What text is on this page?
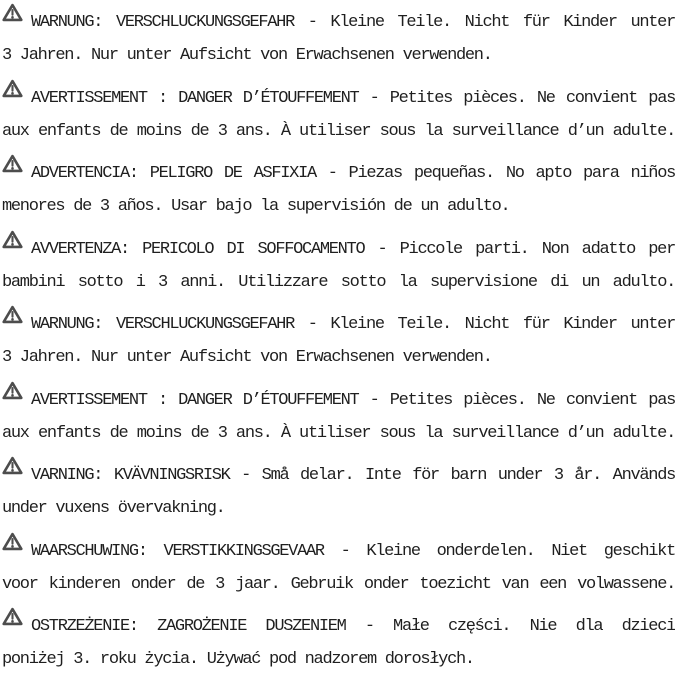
WARNUNG: VERSCHLUCKUNGSGEFAHR - Kleine Teile. Nicht für Kinder unter
3 Jahren. Nur unter Aufsicht von Erwachsenen verwenden.
AVERTISSEMENT : DANGER D’ÉTOUFFEMENT - Petites pièces. Ne convient pas
aux enfants de moins de 3 ans. À utiliser sous la surveillance d’un adulte.
ADVERTENCIA: PELIGRO DE ASFIXIA - Piezas pequeñas. No apto para niños
menores de 3 años. Usar bajo la supervisión de un adulto.
AVVERTENZA: PERICOLO DI SOFFOCAMENTO - Piccole parti. Non adatto per
bambini sotto i 3 anni. Utilizzare sotto la supervisione di un adulto.
WARNUNG: VERSCHLUCKUNGSGEFAHR - Kleine Teile. Nicht für Kinder unter
3 Jahren. Nur unter Aufsicht von Erwachsenen verwenden.
AVERTISSEMENT : DANGER D’ÉTOUFFEMENT - Petites pièces. Ne convient pas
aux enfants de moins de 3 ans. À utiliser sous la surveillance d’un adulte.
VARNING: KVÄVNINGSRISK - Små delar. Inte för barn under 3 år. Används
under vuxens övervakning.
WAARSCHUWING: VERSTIKKINGSGEVAAR - Kleine onderdelen. Niet geschikt
voor kinderen onder de 3 jaar. Gebruik onder toezicht van een volwassene.
OSTRZEŻENIE: ZAGROŻENIE DUSZENIEM - Małe części. Nie dla dzieci
poniżej 3. roku życia. Używać pod nadzorem dorosłych.
